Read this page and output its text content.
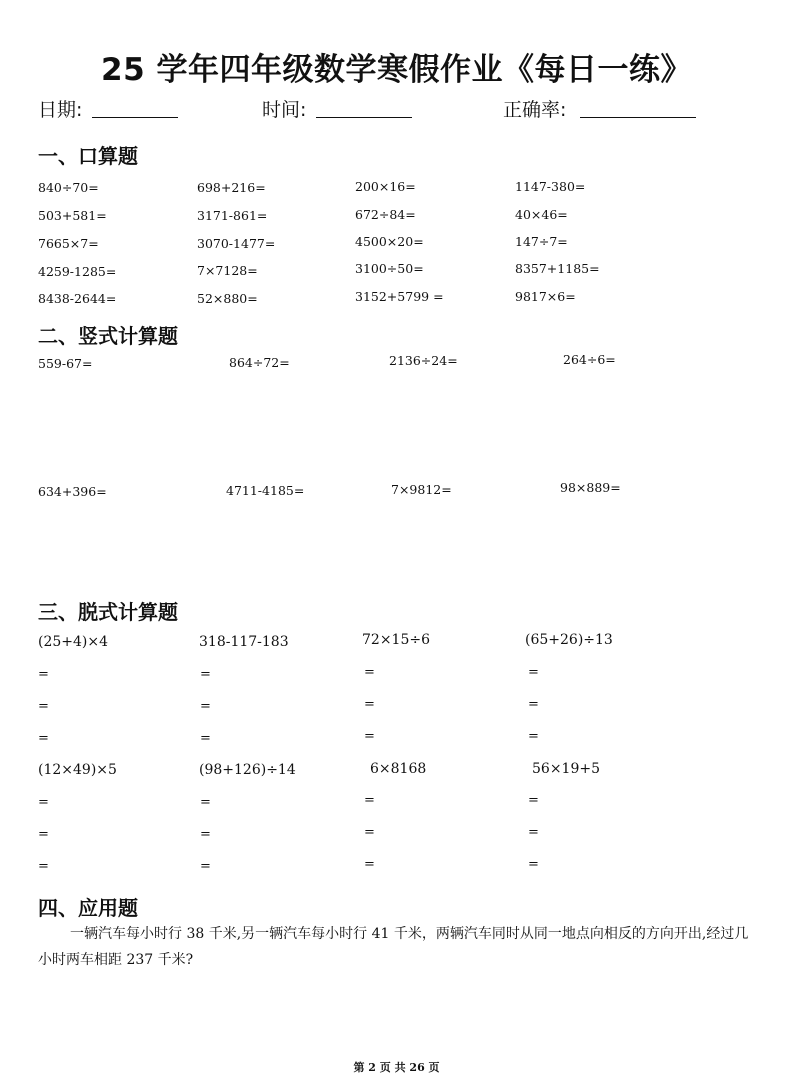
25 学年四年级数学寒假作业《每日一练》
日期:	时间:	正确率:
一、口算题
840÷70=	698+216=	200×16=	1147-380=
503+581=	3171-861=	672÷84=	40×46=
7665×7=	3070-1477=	4500×20=	147÷7=
4259-1285=	7×7128=	3100÷50=	8357+1185=
8438-2644=	52×880=	3152+5799 =	9817×6=
二、竖式计算题
559-67=	864÷72=	2136÷24=	264÷6=
634+396=	4711-4185=	7×9812=	98×889=
三、脱式计算题
(25+4)×4	318-117-183	72×15÷6	(65+26)÷13
=	=	=	=
=	=	=	=
=	=	=	=
(12×49)×5	(98+126)÷14	6×8168	56×19+5
=	=	=	=
=	=	=	=
=	=	=	=
四、应用题
一辆汽车每小时行 38 千米,另一辆汽车每小时行 41 千米，两辆汽车同时从同一地点向相反的方向开出,经过几小时两车相距 237 千米?
第 2 页 共 26 页
